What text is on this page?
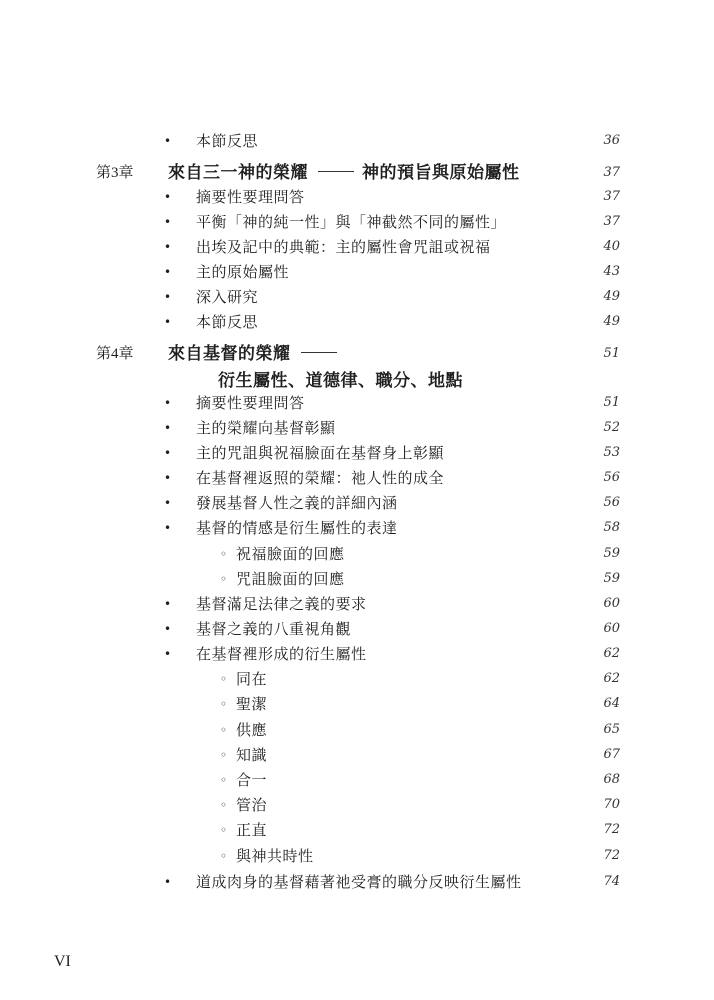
• 本節反思	36
第3章 來自三一神的榮耀	神的預旨與原始屬性	37
• 摘要性要理問答	37
• 平衡「神的純一性」與「神截然不同的屬性」	37
• 出埃及記中的典範：主的屬性會咒詛或祝福	40
• 主的原始屬性	43
• 深入研究	49
• 本節反思	49
第4章 來自基督的榮耀	51
衍生屬性、道德律、職分、地點
• 摘要性要理問答	51
• 主的榮耀向基督彰顯	52
• 主的咒詛與祝福臉面在基督身上彰顯	53
• 在基督裡返照的榮耀：祂人性的成全	56
• 發展基督人性之義的詳細內涵	56
• 基督的情感是衍生屬性的表達	58
◦ 祝福臉面的回應	59
◦ 咒詛臉面的回應	59
• 基督滿足法律之義的要求	60
• 基督之義的八重視角觀	60
• 在基督裡形成的衍生屬性	62
◦ 同在	62
◦ 聖潔	64
◦ 供應	65
◦ 知識	67
◦ 合一	68
◦ 管治	70
◦ 正直	72
◦ 與神共時性	72
• 道成肉身的基督藉著祂受膏的職分反映衍生屬性	74
VI
